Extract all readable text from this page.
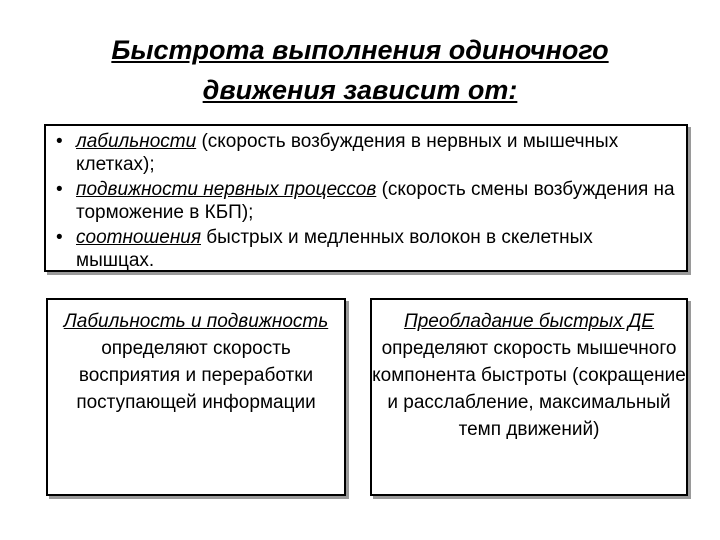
Быстрота выполнения одиночного
движения зависит от:
• лабильности (скорость возбуждения в нервных и мышечных клетках);
• подвижности нервных процессов (скорость смены возбуждения на торможение в КБП);
• соотношения быстрых и медленных волокон в скелетных мышцах.
Лабильность и подвижность
определяют скорость восприятия и переработки поступающей информации
Преобладание быстрых ДЕ
определяют скорость мышечного компонента быстроты (сокращение и расслабление, максимальный темп движений)
